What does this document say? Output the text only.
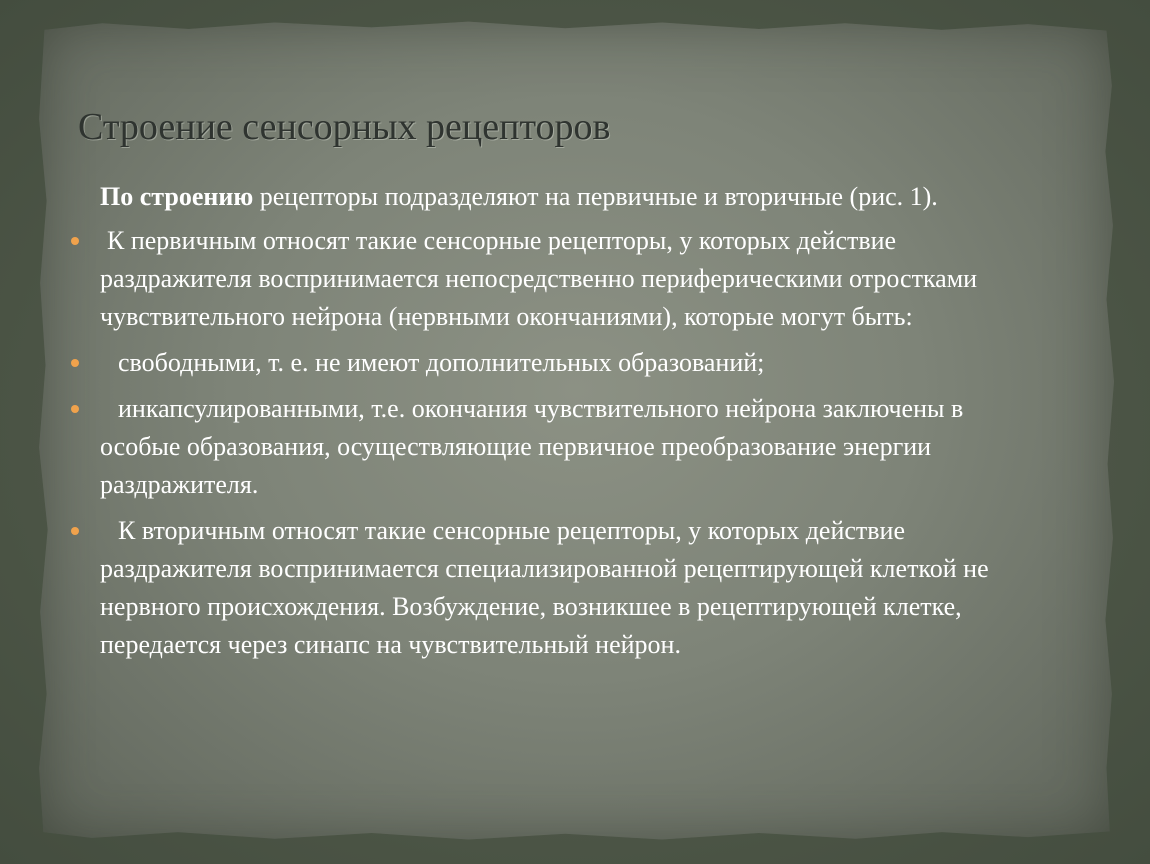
Строение сенсорных рецепторов

По строению рецепторы подразделяют на первичные и вторичные (рис. 1).

К первичным относят такие сенсорные рецепторы, у которых действие раздражителя воспринимается непосредственно периферическими отростками чувствительного нейрона (нервными окончаниями), которые могут быть:
свободными, т. е. не имеют дополнительных образований;
инкапсулированными, т.е. окончания чувствительного нейрона заключены в особые образования, осуществляющие первичное преобразование энергии раздражителя.
К вторичным относят такие сенсорные рецепторы, у которых действие раздражителя воспринимается специализированной рецептирующей клеткой не нервного происхождения. Возбуждение, возникшее в рецептирующей клетке, передается через синапс на чувствительный нейрон.
